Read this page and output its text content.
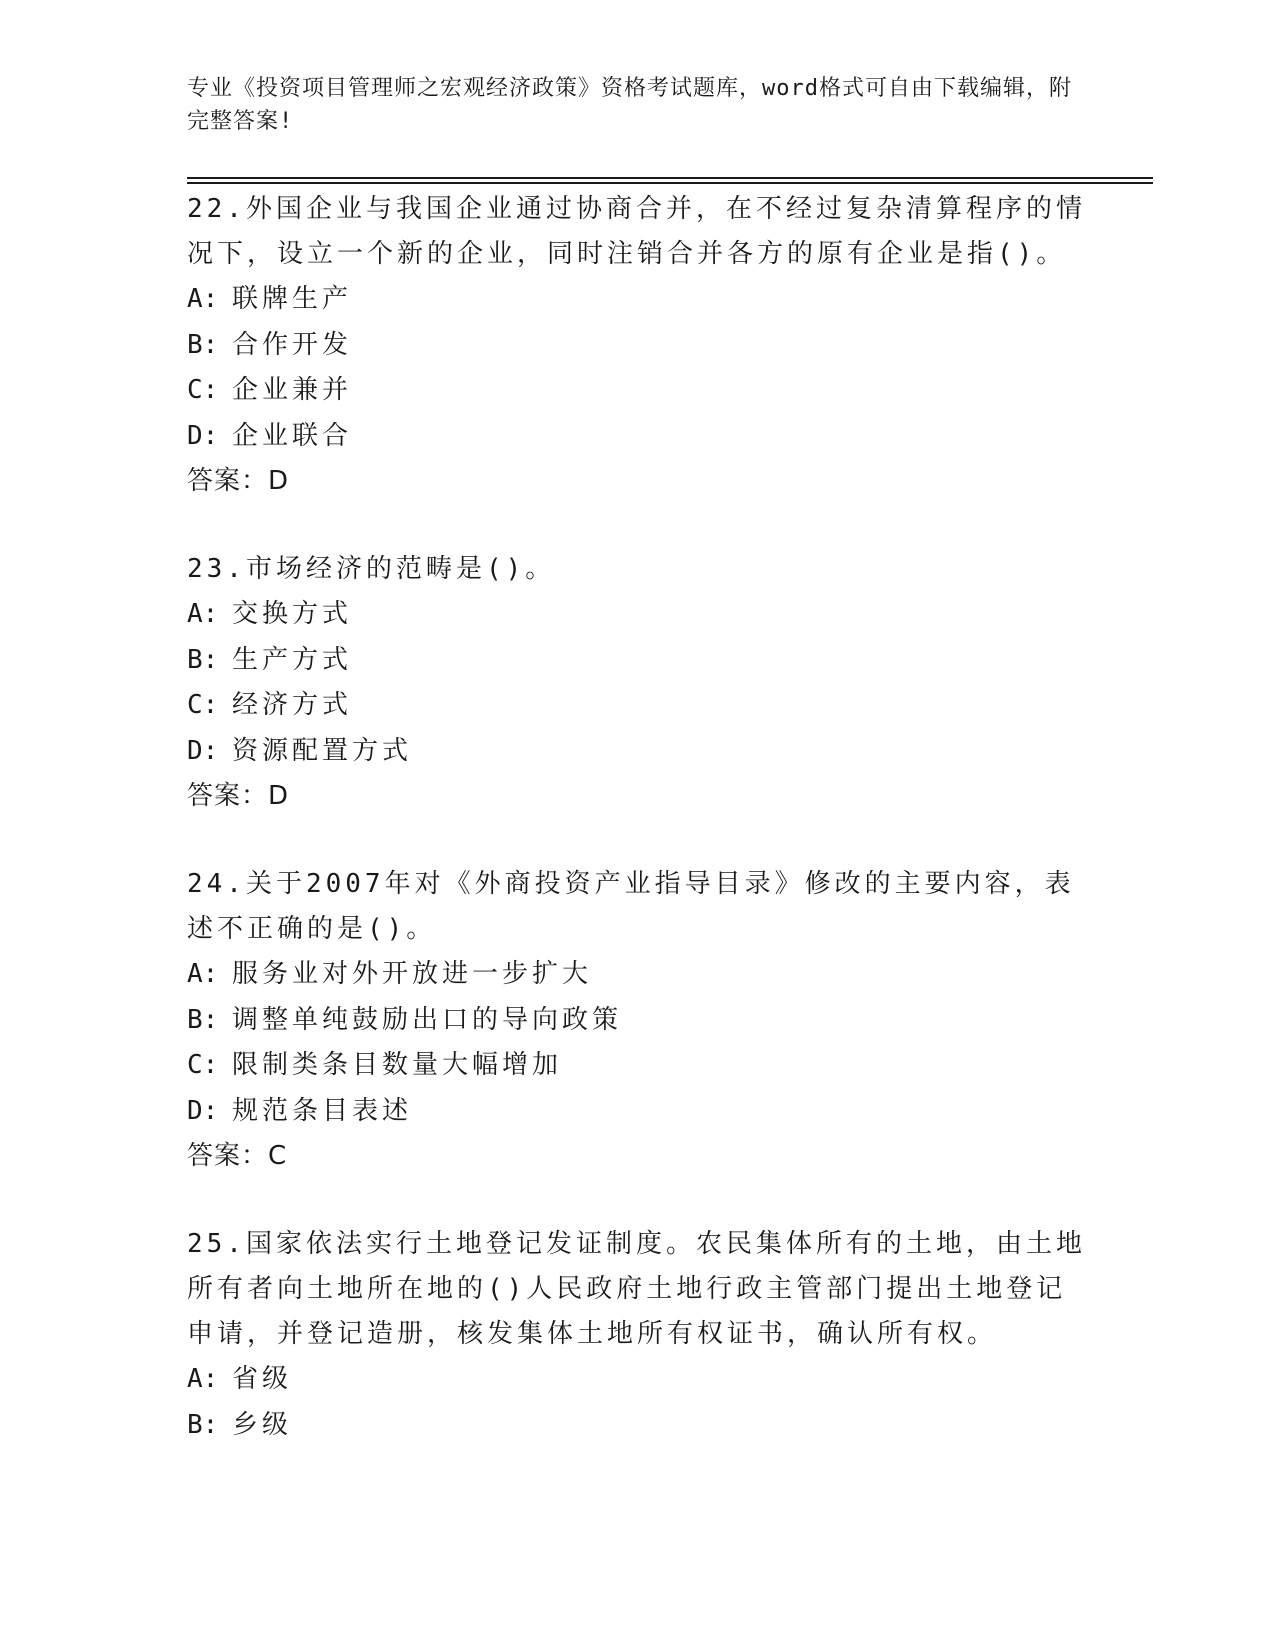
专业《投资项目管理师之宏观经济政策》资格考试题库，word格式可自由下载编辑，附完整答案!
22.外国企业与我国企业通过协商合并，在不经过复杂清算程序的情况下，设立一个新的企业，同时注销合并各方的原有企业是指()。
A: 联牌生产
B: 合作开发
C: 企业兼并
D: 企业联合
答案：D
23.市场经济的范畴是()。
A: 交换方式
B: 生产方式
C: 经济方式
D: 资源配置方式
答案：D
24.关于2007年对《外商投资产业指导目录》修改的主要内容，表述不正确的是()。
A: 服务业对外开放进一步扩大
B: 调整单纯鼓励出口的导向政策
C: 限制类条目数量大幅增加
D: 规范条目表述
答案：C
25.国家依法实行土地登记发证制度。农民集体所有的土地，由土地所有者向土地所在地的()人民政府土地行政主管部门提出土地登记申请，并登记造册，核发集体土地所有权证书，确认所有权。
A: 省级
B: 乡级
